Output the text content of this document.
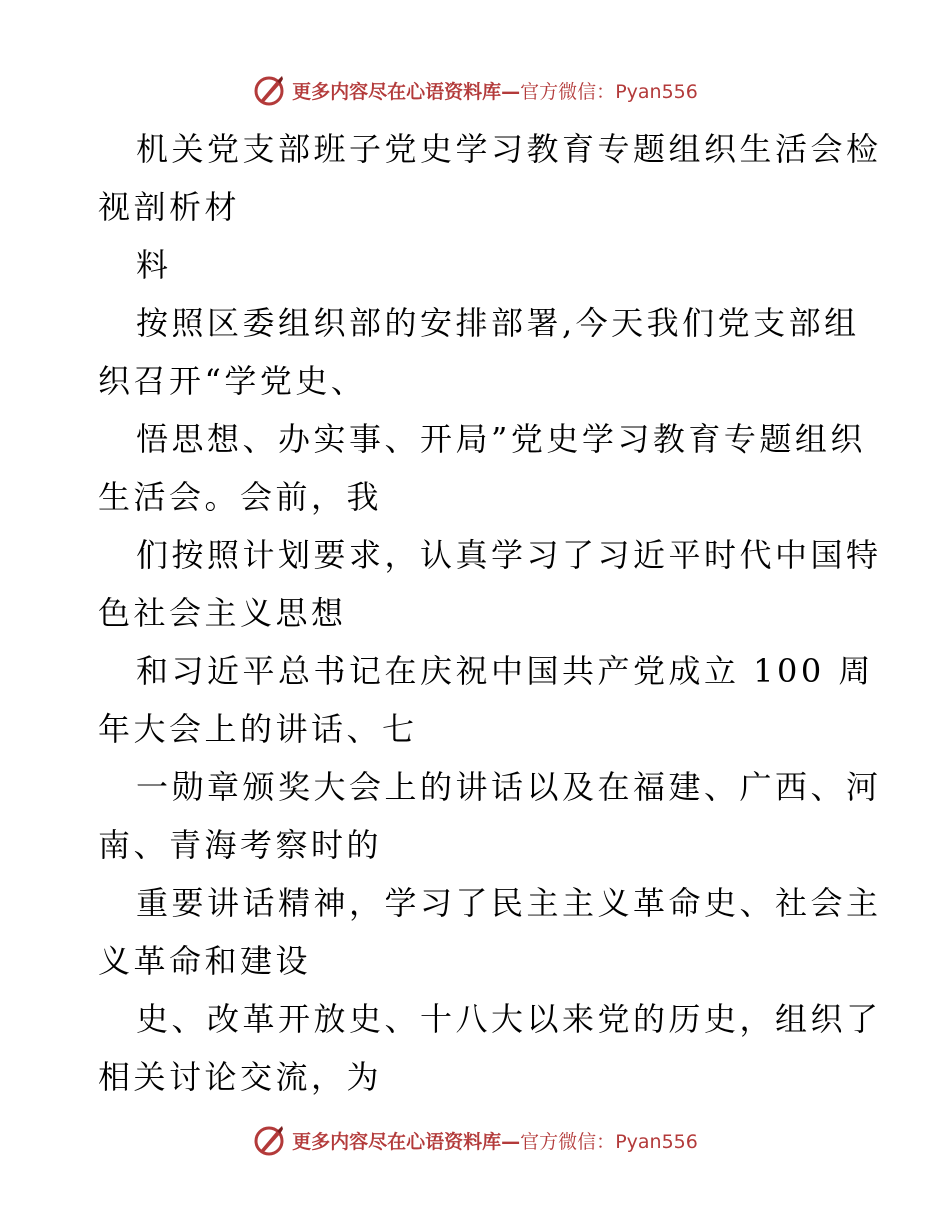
更多内容尽在心语资料库—官方微信：Pyan556
机关党支部班子党史学习教育专题组织生活会检
视剖析材
料
按照区委组织部的安排部署,今天我们党支部组
织召开“学党史、
悟思想、办实事、开局”党史学习教育专题组织
生活会。会前，我
们按照计划要求，认真学习了习近平时代中国特
色社会主义思想
和习近平总书记在庆祝中国共产党成立 100 周
年大会上的讲话、七
一勋章颁奖大会上的讲话以及在福建、广西、河
南、青海考察时的
重要讲话精神，学习了民主主义革命史、社会主
义革命和建设
史、改革开放史、十八大以来党的历史，组织了
相关讨论交流，为
更多内容尽在心语资料库—官方微信：Pyan556
